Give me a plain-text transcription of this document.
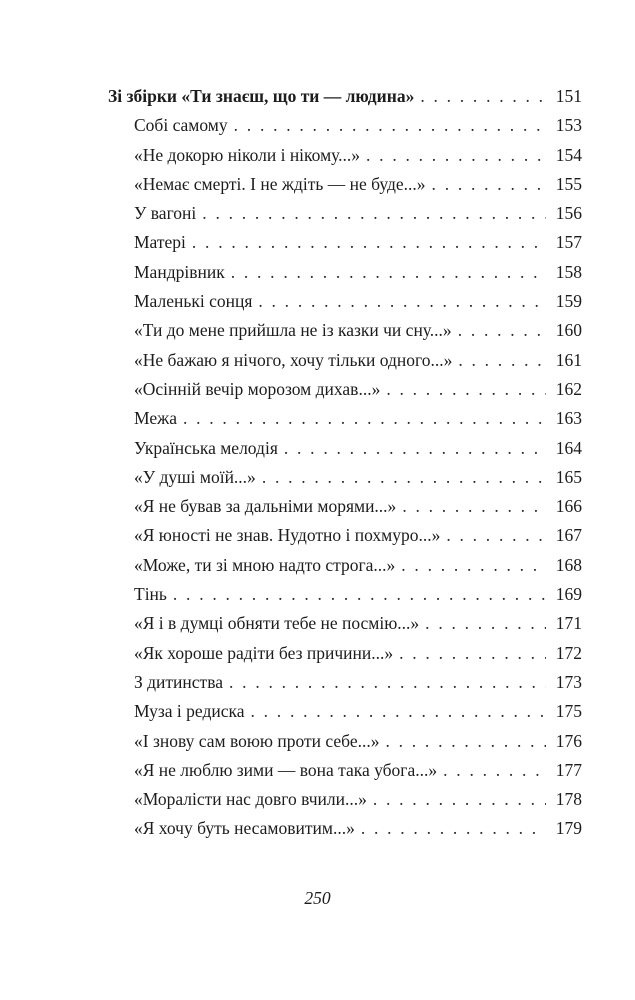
Зі збірки «Ти знаєш, що ти — людина» . . .	151
Собі самому . . .	153
«Не докорю ніколи і нікому...» . . .	154
«Немає смерті. І не ждіть — не буде...» . . .	155
У вагоні . . .	156
Матері . . .	157
Мандрівник . . .	158
Маленькі сонця . . .	159
«Ти до мене прийшла не із казки чи сну...» . . .	160
«Не бажаю я нічого, хочу тільки одного...» . . .	161
«Осінній вечір морозом дихав...» . . .	162
Межа . . .	163
Українська мелодія . . .	164
«У душі моїй...» . . .	165
«Я не бував за дальніми морями...» . . .	166
«Я юності не знав. Нудотно і похмуро...» . . .	167
«Може, ти зі мною надто строга...» . . .	168
Тінь . . .	169
«Я і в думці обняти тебе не посмію...» . . .	171
«Як хороше радіти без причини...» . . .	172
З дитинства . . .	173
Муза і редиска . . .	175
«І знову сам воюю проти себе...» . . .	176
«Я не люблю зими — вона така убога...» . . .	177
«Моралісти нас довго вчили...» . . .	178
«Я хочу буть несамовитим...» . . .	179
250
